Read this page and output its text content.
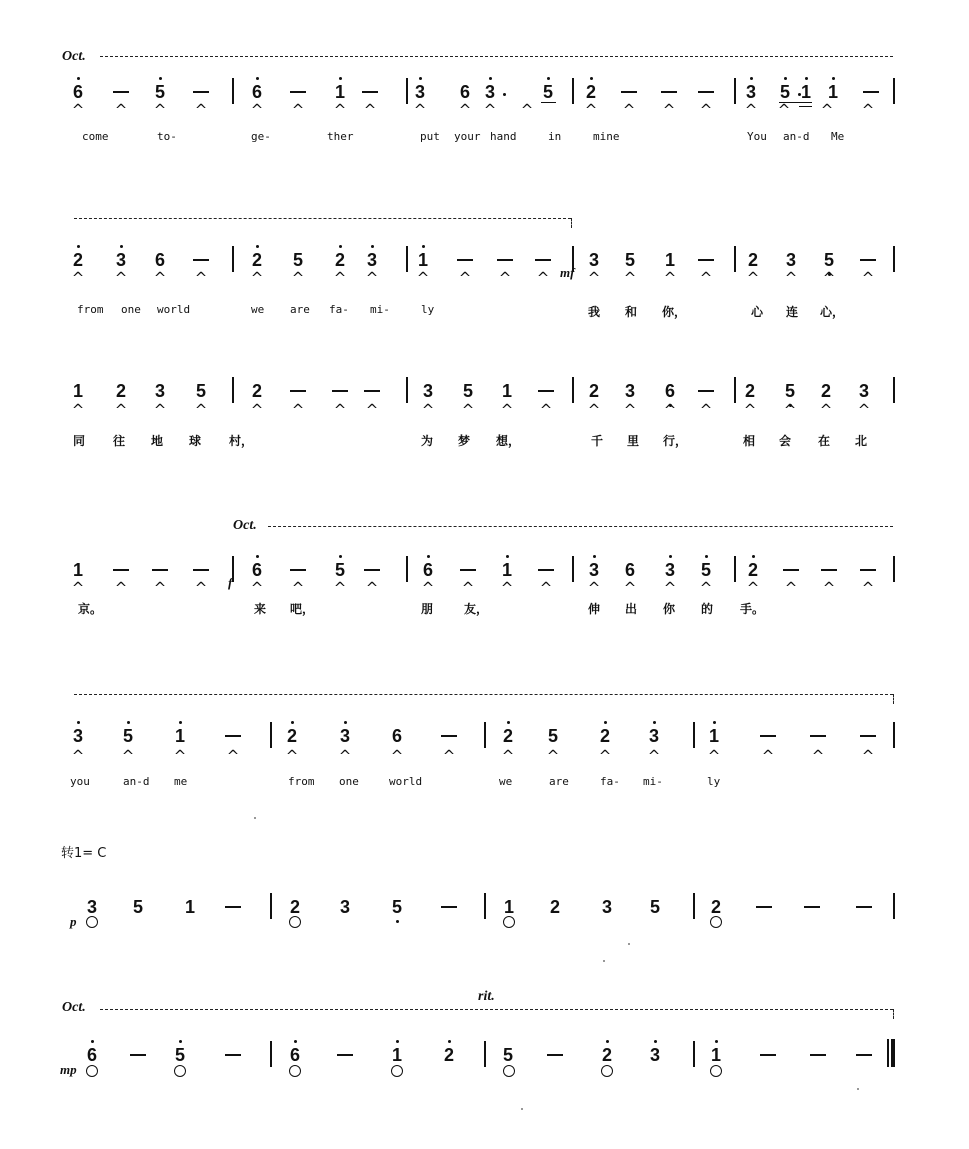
转1= C
rit.
Oct.
6	5	6	1	3	6 3	5	2	3	5 1 1
^ ^ ^ ^	^ ^ ^ ^ ^ ^ ^ ^	^ ^ ^ ^ ^ ^ ^ ^
come	to-	ge-	ther	put your hand	in	mine	You an-d Me
2	3	6	2	5	2	3	1	3	5	1	2	3	5
^ ^ ^ ^	^ ^ ^ ^	^ ^ ^ ^	^ ^ ^ ^ ^ ^ ^ ^
mf
from one world	we are fa- mi-	ly	我 和 你，	心 连 心，
1	2	3	5	2	3	5	1	2	3	6	2	5	2	3
^ ^ ^ ^	^ ^ ^ ^	^ ^ ^ ^ ^ ^ ^ ^ ^ ^ ^ ^
同 往 地 球 村，	为 梦 想，	千 里 行，	相 会 在 北
Oct.
1	6	5	6	1	3	6	3	5	2
^ ^ ^ ^	^ ^ ^ ^	^ ^ ^ ^ ^ ^ ^ ^ ^ ^ ^ ^
f
京。	来 吧，	朋	友，	伸 出 你 的 手。
3	5	1	2	3	6	2	5	2	3	1
^ ^	^	^	^	^	^	^	^ ^	^ ^	^	^ ^ ^
you	an-d me	from one	world	we	are	fa- mi-	ly
3	5	1	2	3	5	1	2	3	5	2
p
Oct.
6	5	6	1	2	5	2	3	1
mp
